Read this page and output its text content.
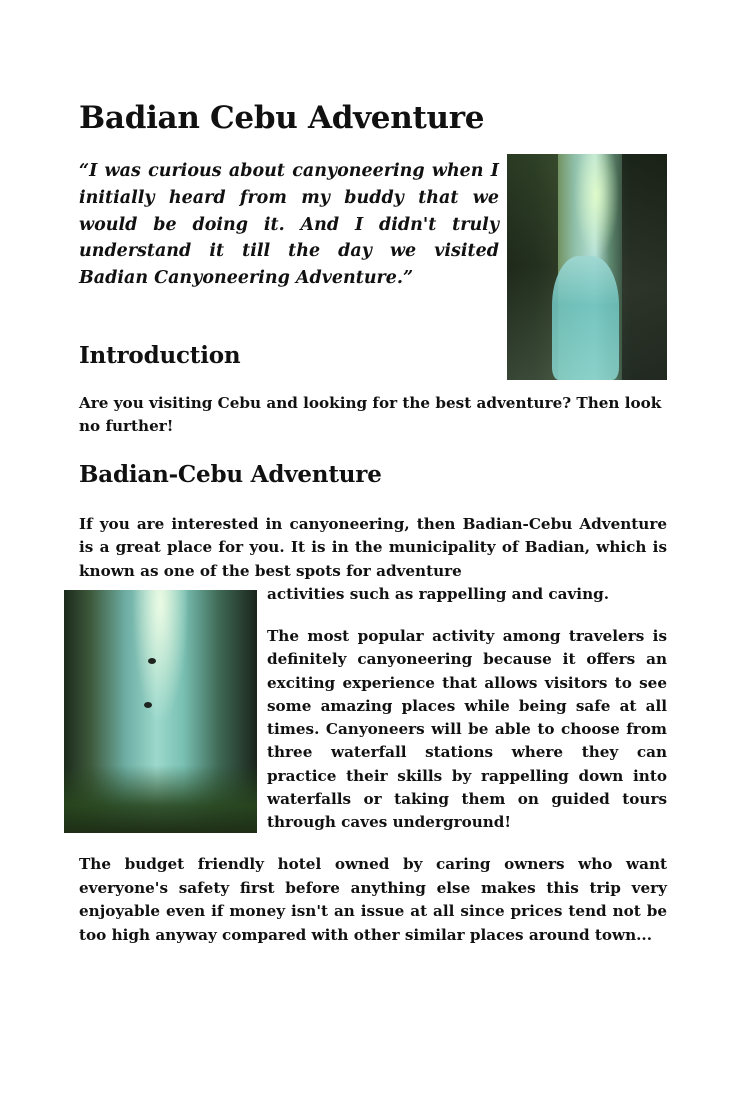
Badian Cebu Adventure

“I was curious about canyoneering when I initially heard from my buddy that we would be doing it. And I didn't truly understand it till the day we visited Badian Canyoneering Adventure.”

Introduction

Are you visiting Cebu and looking for the best adventure? Then look no further!

Badian-Cebu Adventure

If you are interested in canyoneering, then Badian-Cebu Adventure is a great place for you. It is in the municipality of Badian, which is known as one of the best spots for adventure

activities such as rappelling and caving.

The most popular activity among travelers is definitely canyoneering because it offers an exciting experience that allows visitors to see some amazing places while being safe at all times. Canyoneers will be able to choose from three waterfall stations where they can practice their skills by rappelling down into waterfalls or taking them on guided tours through caves underground!

The budget friendly hotel owned by caring owners who want everyone's safety first before anything else makes this trip very enjoyable even if money isn't an issue at all since prices tend not be too high anyway compared with other similar places around town...
